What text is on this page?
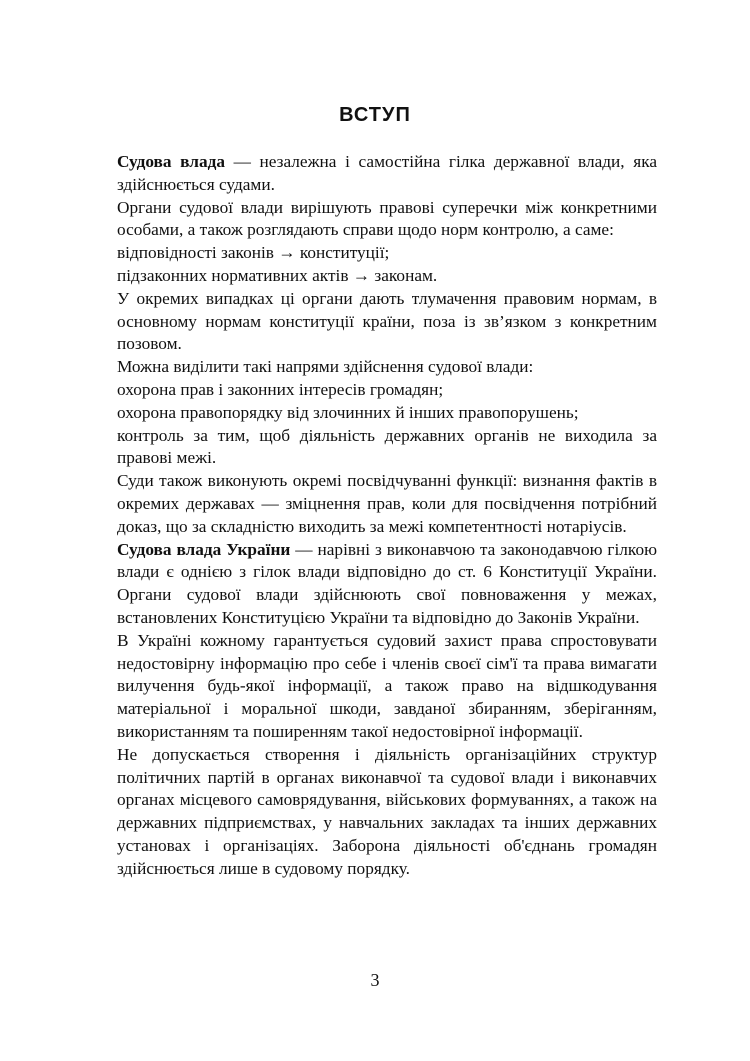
ВСТУП

Судова влада — незалежна і самостійна гілка державної влади, яка здійснюється судами.

Органи судової влади вирішують правові суперечки між конкретними особами, а також розглядають справи щодо норм контролю, а саме:

відповідності законів → конституції;

підзаконних нормативних актів → законам.

У окремих випадках ці органи дають тлумачення правовим нормам, в основному нормам конституції країни, поза із зв’язком з конкретним позовом.

Можна виділити такі напрями здійснення судової влади:

охорона прав і законних інтересів громадян;

охорона правопорядку від злочинних й інших правопорушень;

контроль за тим, щоб діяльність державних органів не виходила за правові межі.

Суди також виконують окремі посвідчуванні функції: визнання фактів в окремих державах — зміцнення прав, коли для посвідчення потрібний доказ, що за складністю виходить за межі компетентності нотаріусів.

Судова влада України — нарівні з виконавчою та законодавчою гілкою влади є однією з гілок влади відповідно до ст. 6 Конституції України. Органи судової влади здійснюють свої повноваження у межах, встановлених Конституцією України та відповідно до Законів України.

В Україні кожному гарантується судовий захист права спростовувати недостовірну інформацію про себе і членів своєї сім'ї та права вимагати вилучення будь-якої інформації, а також право на відшкодування матеріальної і моральної шкоди, завданої збиранням, зберіганням, використанням та поширенням такої недостовірної інформації.

Не допускається створення і діяльність організаційних структур політичних партій в органах виконавчої та судової влади і виконавчих органах місцевого самоврядування, військових формуваннях, а також на державних підприємствах, у навчальних закладах та інших державних установах і організаціях. Заборона діяльності об'єднань громадян здійснюється лише в судовому порядку.

3
